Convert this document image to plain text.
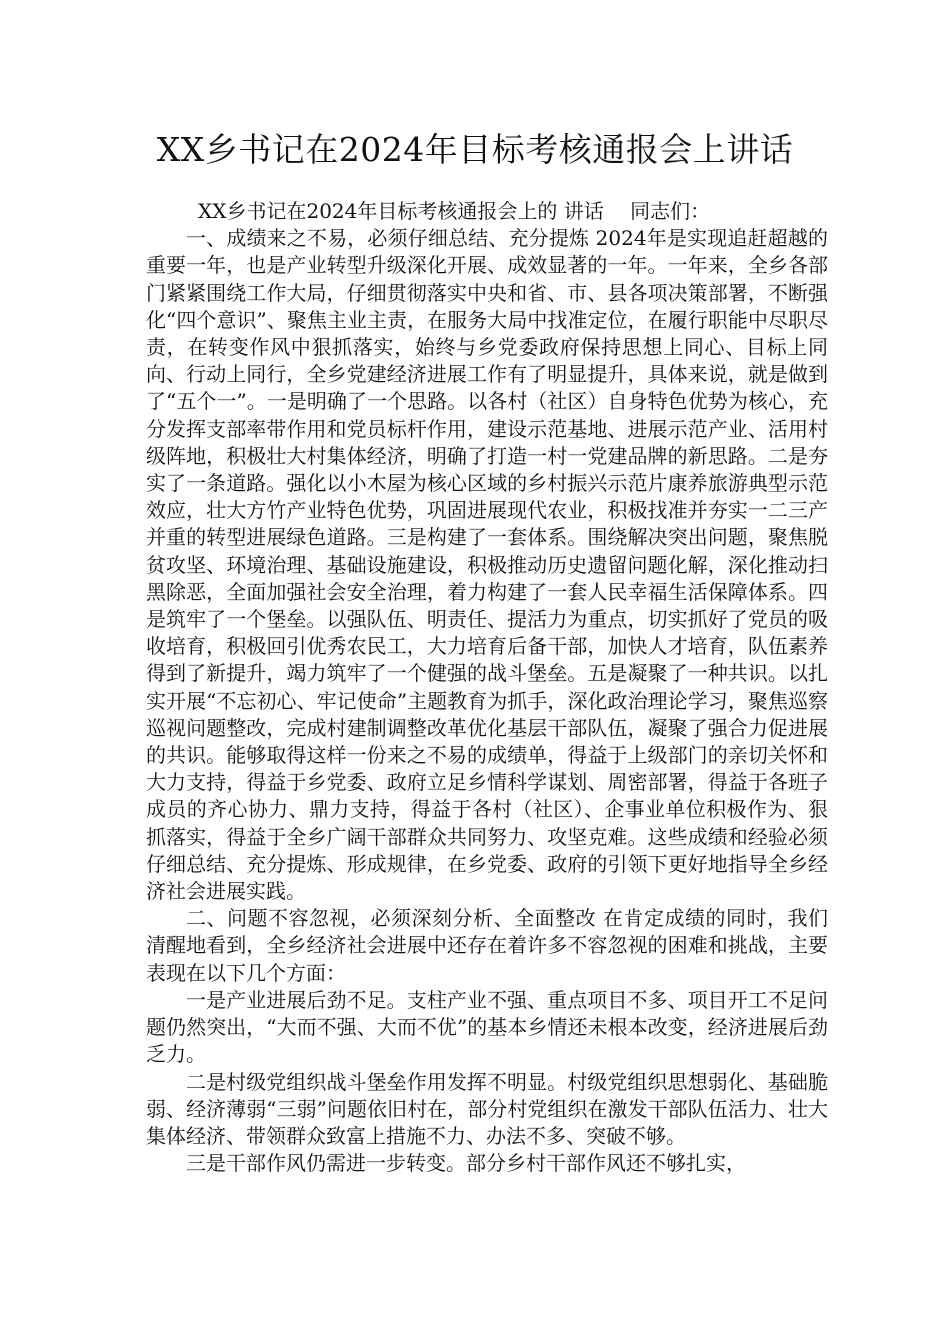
XX乡书记在2024年目标考核通报会上讲话

XX乡书记在2024年目标考核通报会上的 讲话　 同志们：

一、成绩来之不易，必须仔细总结、充分提炼 2024年是实现追赶超越的重要一年，也是产业转型升级深化开展、成效显著的一年。一年来，全乡各部门紧紧围绕工作大局，仔细贯彻落实中央和省、市、县各项决策部署，不断强化“四个意识”、聚焦主业主责，在服务大局中找准定位，在履行职能中尽职尽责，在转变作风中狠抓落实，始终与乡党委政府保持思想上同心、目标上同向、行动上同行，全乡党建经济进展工作有了明显提升，具体来说，就是做到了“五个一”。一是明确了一个思路。以各村（社区）自身特色优势为核心，充分发挥支部率带作用和党员标杆作用，建设示范基地、进展示范产业、活用村级阵地，积极壮大村集体经济，明确了打造一村一党建品牌的新思路。二是夯实了一条道路。强化以小木屋为核心区域的乡村振兴示范片康养旅游典型示范效应，壮大方竹产业特色优势，巩固进展现代农业，积极找准并夯实一二三产并重的转型进展绿色道路。三是构建了一套体系。围绕解决突出问题，聚焦脱贫攻坚、环境治理、基础设施建设，积极推动历史遗留问题化解，深化推动扫黑除恶，全面加强社会安全治理，着力构建了一套人民幸福生活保障体系。四是筑牢了一个堡垒。以强队伍、明责任、提活力为重点，切实抓好了党员的吸收培育，积极回引优秀农民工，大力培育后备干部，加快人才培育，队伍素养得到了新提升，竭力筑牢了一个健强的战斗堡垒。五是凝聚了一种共识。以扎实开展“不忘初心、牢记使命”主题教育为抓手，深化政治理论学习，聚焦巡察巡视问题整改，完成村建制调整改革优化基层干部队伍，凝聚了强合力促进展的共识。能够取得这样一份来之不易的成绩单，得益于上级部门的亲切关怀和大力支持，得益于乡党委、政府立足乡情科学谋划、周密部署，得益于各班子成员的齐心协力、鼎力支持，得益于各村（社区）、企事业单位积极作为、狠抓落实，得益于全乡广阔干部群众共同努力、攻坚克难。这些成绩和经验必须仔细总结、充分提炼、形成规律，在乡党委、政府的引领下更好地指导全乡经济社会进展实践。

二、问题不容忽视，必须深刻分析、全面整改 在肯定成绩的同时，我们清醒地看到，全乡经济社会进展中还存在着许多不容忽视的困难和挑战，主要表现在以下几个方面：

一是产业进展后劲不足。支柱产业不强、重点项目不多、项目开工不足问题仍然突出，“大而不强、大而不优”的基本乡情还未根本改变，经济进展后劲乏力。

二是村级党组织战斗堡垒作用发挥不明显。村级党组织思想弱化、基础脆弱、经济薄弱“三弱”问题依旧村在，部分村党组织在激发干部队伍活力、壮大集体经济、带领群众致富上措施不力、办法不多、突破不够。

三是干部作风仍需进一步转变。部分乡村干部作风还不够扎实，
